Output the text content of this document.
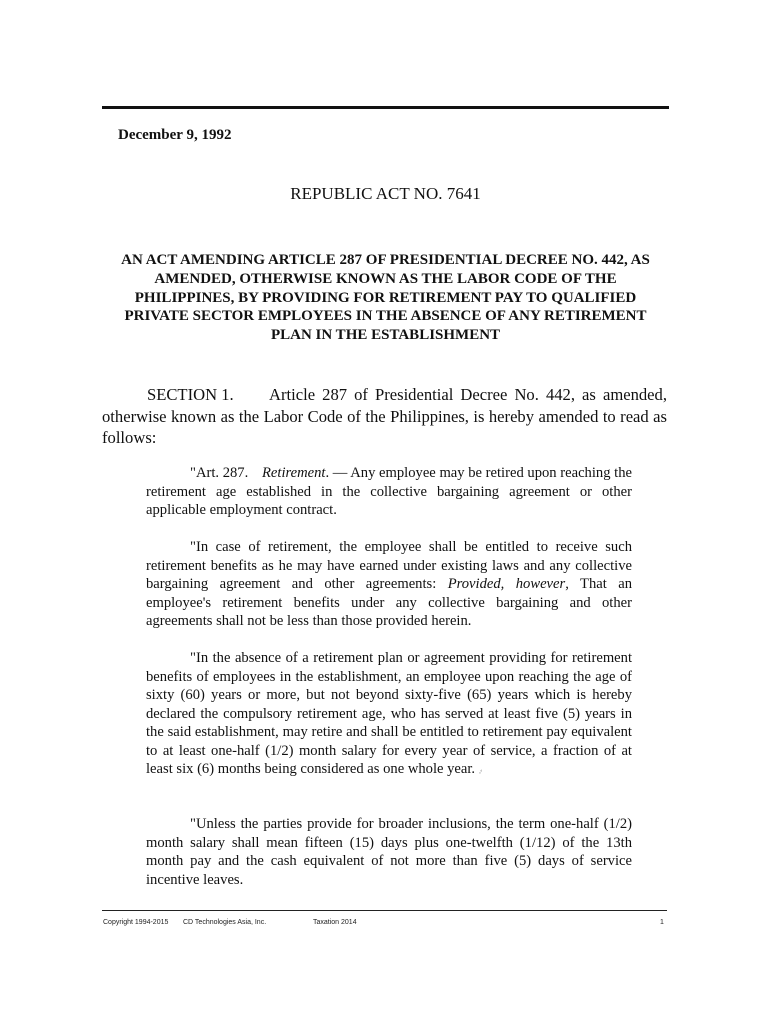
December 9, 1992
REPUBLIC ACT NO. 7641
AN ACT AMENDING ARTICLE 287 OF PRESIDENTIAL DECREE NO. 442, AS AMENDED, OTHERWISE KNOWN AS THE LABOR CODE OF THE PHILIPPINES, BY PROVIDING FOR RETIREMENT PAY TO QUALIFIED PRIVATE SECTOR EMPLOYEES IN THE ABSENCE OF ANY RETIREMENT PLAN IN THE ESTABLISHMENT
SECTION 1. Article 287 of Presidential Decree No. 442, as amended, otherwise known as the Labor Code of the Philippines, is hereby amended to read as follows:
"Art. 287. Retirement. — Any employee may be retired upon reaching the retirement age established in the collective bargaining agreement or other applicable employment contract.
"In case of retirement, the employee shall be entitled to receive such retirement benefits as he may have earned under existing laws and any collective bargaining agreement and other agreements: Provided, however, That an employee's retirement benefits under any collective bargaining and other agreements shall not be less than those provided herein.
"In the absence of a retirement plan or agreement providing for retirement benefits of employees in the establishment, an employee upon reaching the age of sixty (60) years or more, but not beyond sixty-five (65) years which is hereby declared the compulsory retirement age, who has served at least five (5) years in the said establishment, may retire and shall be entitled to retirement pay equivalent to at least one-half (1/2) month salary for every year of service, a fraction of at least six (6) months being considered as one whole year. ⁠ₐᵈ
"Unless the parties provide for broader inclusions, the term one-half (1/2) month salary shall mean fifteen (15) days plus one-twelfth (1/12) of the 13th month pay and the cash equivalent of not more than five (5) days of service incentive leaves.
Copyright 1994-2015 CD Technologies Asia, Inc.	Taxation 2014	1
